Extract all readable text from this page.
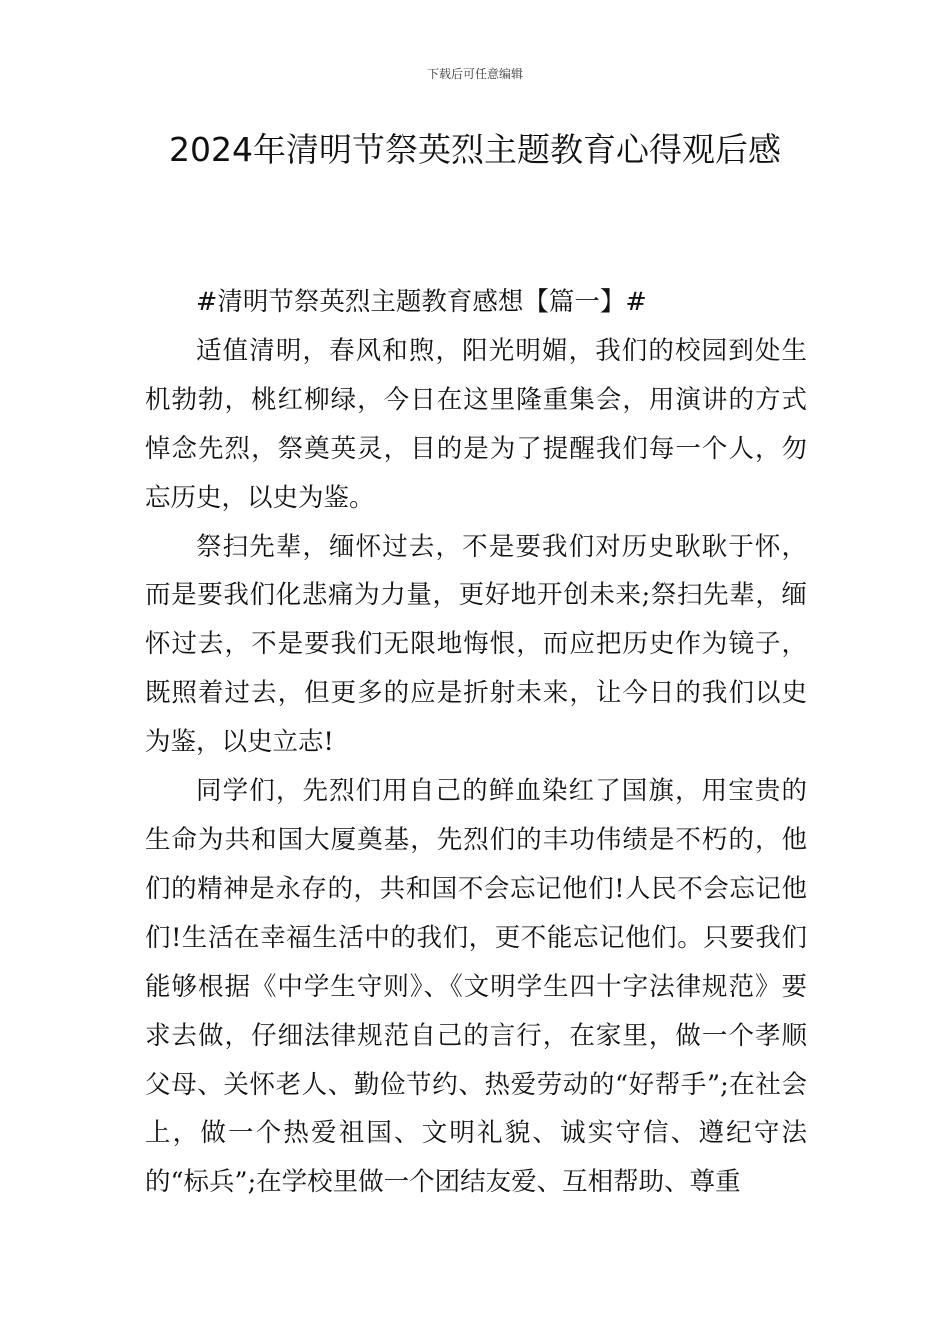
下载后可任意编辑
2024年清明节祭英烈主题教育心得观后感

#清明节祭英烈主题教育感想【篇一】#

适值清明，春风和煦，阳光明媚，我们的校园到处生机勃勃，桃红柳绿，今日在这里隆重集会，用演讲的方式悼念先烈，祭奠英灵，目的是为了提醒我们每一个人，勿忘历史，以史为鉴。

祭扫先辈，缅怀过去，不是要我们对历史耿耿于怀，而是要我们化悲痛为力量，更好地开创未来;祭扫先辈，缅怀过去，不是要我们无限地悔恨，而应把历史作为镜子，既照着过去，但更多的应是折射未来，让今日的我们以史为鉴，以史立志!

同学们，先烈们用自己的鲜血染红了国旗，用宝贵的生命为共和国大厦奠基，先烈们的丰功伟绩是不朽的，他们的精神是永存的，共和国不会忘记他们!人民不会忘记他们!生活在幸福生活中的我们，更不能忘记他们。只要我们能够根据《中学生守则》、《文明学生四十字法律规范》要求去做，仔细法律规范自己的言行，在家里，做一个孝顺父母、关怀老人、勤俭节约、热爱劳动的“好帮手”;在社会上，做一个热爱祖国、文明礼貌、诚实守信、遵纪守法的“标兵”;在学校里做一个团结友爱、互相帮助、尊重
